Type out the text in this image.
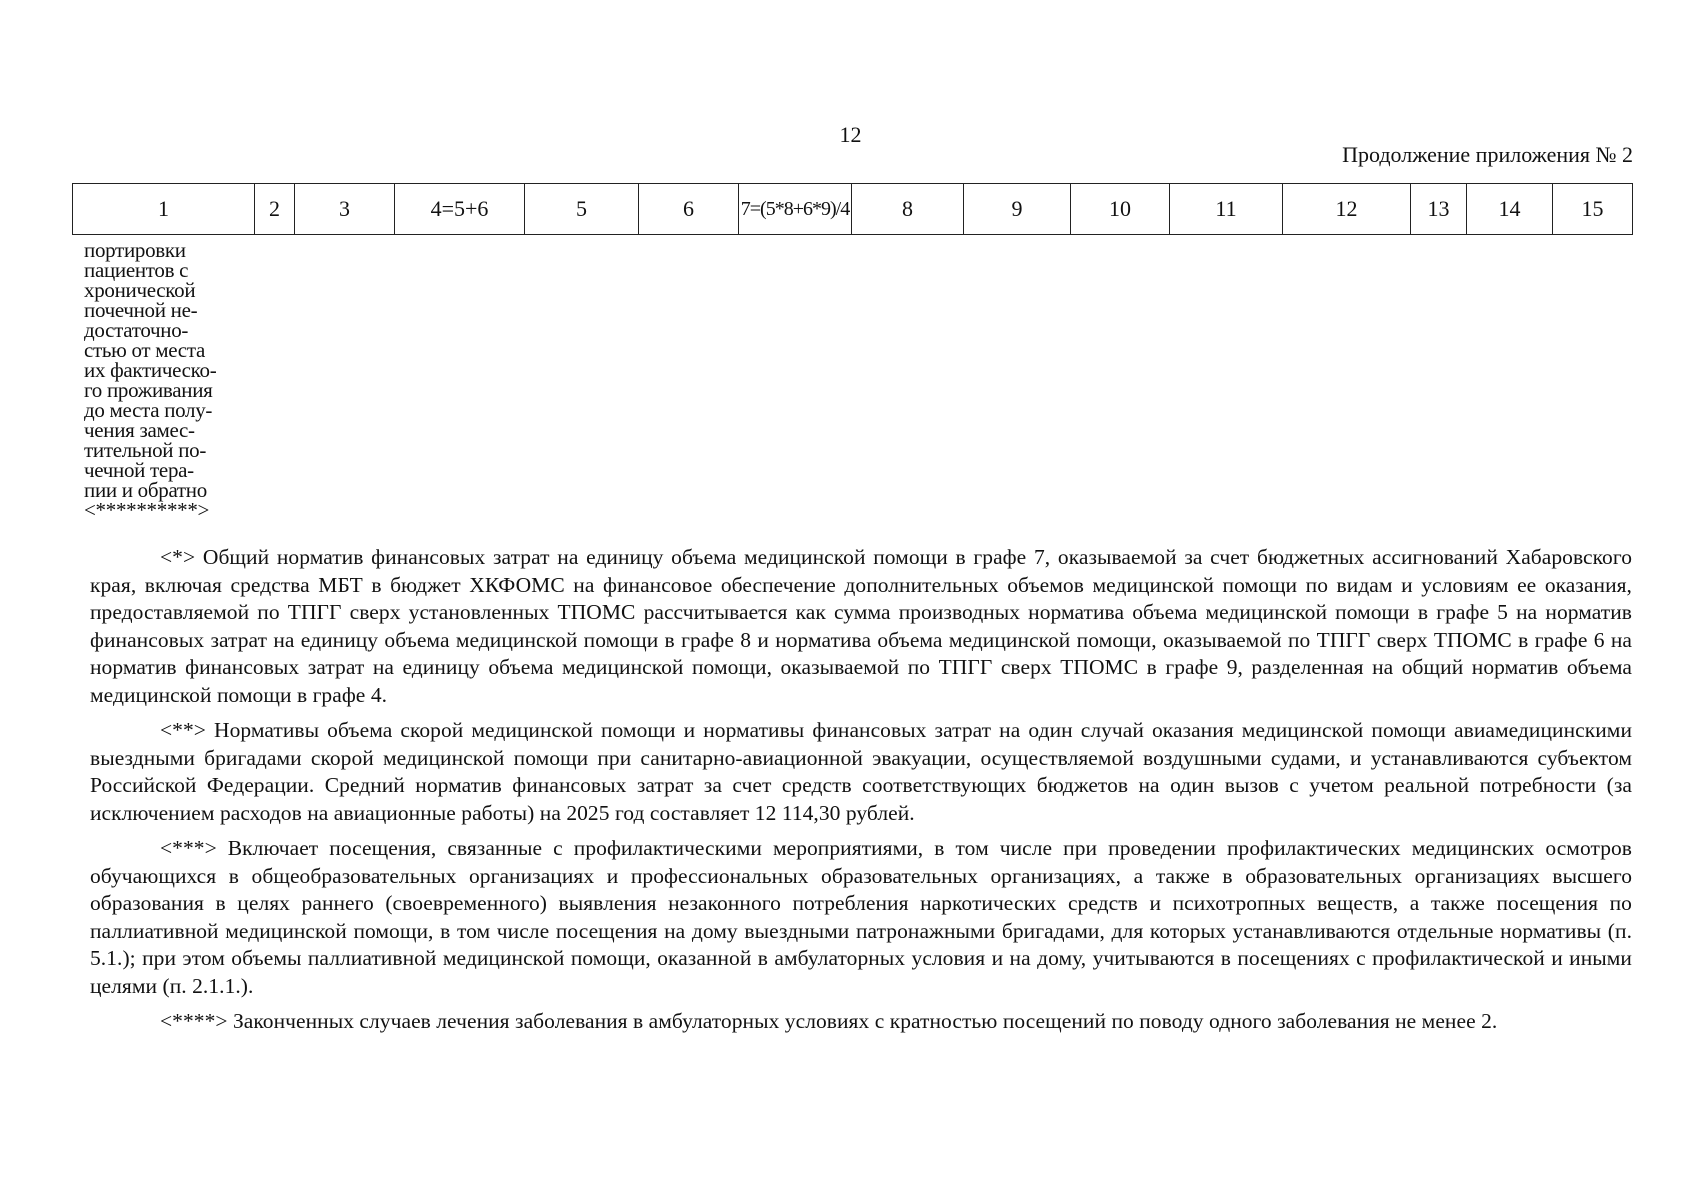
12
Продолжение приложения № 2
1	2	3	4=5+6	5	6	7=(5*8+6*9)/4	8	9	10	11	12	13	14	15
портировки
пациентов с
хронической
почечной не-
достаточно-
стью от места
их фактическо-
го проживания
до места полу-
чения замес-
тительной по-
чечной тера-
пии и обратно
<**********>

<*> Общий норматив финансовых затрат на единицу объема медицинской помощи в графе 7, оказываемой за счет бюджетных ассигнований Хабаровского края, включая средства МБТ в бюджет ХКФОМС на финансовое обеспечение дополнительных объемов медицинской помощи по видам и условиям ее оказания, предоставляемой по ТПГГ сверх установленных ТПОМС рассчитывается как сумма производных норматива объема медицинской помощи в графе 5 на норматив финансовых затрат на единицу объема медицинской помощи в графе 8 и норматива объема медицинской помощи, оказываемой по ТПГГ сверх ТПОМС в графе 6 на норматив финансовых затрат на единицу объема медицинской помощи, оказываемой по ТПГГ сверх ТПОМС в графе 9, разделенная на общий норматив объема медицинской помощи в графе 4.

<**> Нормативы объема скорой медицинской помощи и нормативы финансовых затрат на один случай оказания медицинской помощи авиамедицинскими выездными бригадами скорой медицинской помощи при санитарно-авиационной эвакуации, осуществляемой воздушными судами, и устанавливаются субъектом Российской Федерации. Средний норматив финансовых затрат за счет средств соответствующих бюджетов на один вызов с учетом реальной потребности (за исключением расходов на авиационные работы) на 2025 год составляет 12 114,30 рублей.

<***> Включает посещения, связанные с профилактическими мероприятиями, в том числе при проведении профилактических медицинских осмотров обучающихся в общеобразовательных организациях и профессиональных образовательных организациях, а также в образовательных организациях высшего образования в целях раннего (своевременного) выявления незаконного потребления наркотических средств и психотропных веществ, а также посещения по паллиативной медицинской помощи, в том числе посещения на дому выездными патронажными бригадами, для которых устанавливаются отдельные нормативы (п. 5.1.); при этом объемы паллиативной медицинской помощи, оказанной в амбулаторных условия и на дому, учитываются в посещениях с профилактической и иными целями (п. 2.1.1.).

<****> Законченных случаев лечения заболевания в амбулаторных условиях с кратностью посещений по поводу одного заболевания не менее 2.
